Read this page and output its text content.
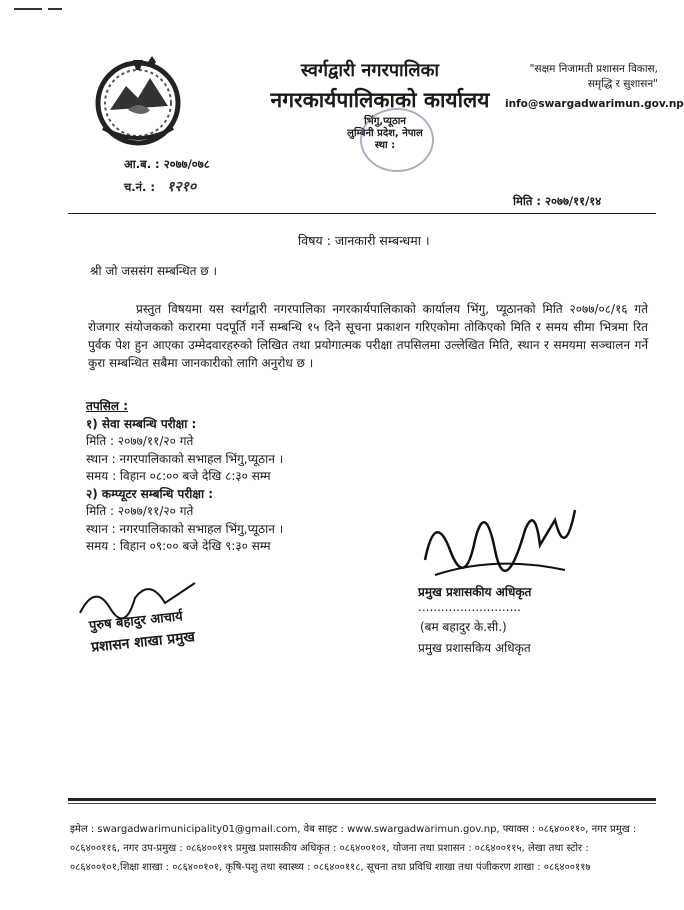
स्वर्गद्वारी नगरपालिका
नगरकार्यपालिकाको कार्यालय
भिंगु,प्यूठान
लुम्बिनी प्रदेश, नेपाल
स्था :
"सक्षम निजामती प्रशासन विकास,
समृद्धि र सुशासन"
info@swargadwarimun.gov.np
आ.ब. : २०७७/०७८
च.नं. : १२१०
मिति : २०७७/११/१४
विषय : जानकारी सम्बन्धमा ।
श्री जो जससंग सम्बन्धित छ ।
प्रस्तुत विषयमा यस स्वर्गद्वारी नगरपालिका नगरकार्यपालिकाको कार्यालय भिंगु, प्यूठानको मिति २०७७/०८/१६ गते रोजगार संयोजकको करारमा पदपूर्ति गर्ने सम्बन्धि १५ दिने सूचना प्रकाशन गरिएकोमा तोकिएको मिति र समय सीमा भित्रमा रित पुर्वक पेश हुन आएका उम्मेदवारहरुको लिखित तथा प्रयोगात्मक परीक्षा तपसिलमा उल्लेखित मिति, स्थान र समयमा सञ्चालन गर्ने कुरा सम्बन्धित सबैमा जानकारीको लागि अनुरोध छ ।
तपसिल :
१) सेवा सम्बन्धि परीक्षा :
मिति : २०७७/११/२० गते
स्थान : नगरपालिकाको सभाहल भिंगु,प्यूठान ।
समय : विहान ०८:०० बजे देखि ८:३० सम्म
२) कम्प्यूटर सम्बन्धि परीक्षा :
मिति : २०७७/११/२० गते
स्थान : नगरपालिकाको सभाहल भिंगु,प्यूठान ।
समय : विहान ०९:०० बजे देखि ९:३० सम्म
प्रमुख प्रशासकीय अधिकृत
...........................
(बम बहादुर के.सी.)
प्रमुख प्रशासकिय अधिकृत
पुरुष बहादुर आचार्य
प्रशासन शाखा प्रमुख
इमेल : swargadwarimunicipality01@gmail.com, वेब साइट : www.swargadwarimun.gov.np, फ्याक्स : ०८६४००११०, नगर प्रमुख :
०८६४००११६, नगर उप-प्रमुख : ०८६४००११९ प्रमुख प्रशासकीय अधिकृत : ०८६४००१०१, योजना तथा प्रशासन : ०८६४००११५, लेखा तथा स्टोर :
०८६४००१०१,शिक्षा शाखा : ०८६४००१०१, कृषि-पशु तथा स्वास्थ्य : ०८६४००११८, सूचना तथा प्रविधि शाखा तथा पंजीकरण शाखा : ०८६४००११७
